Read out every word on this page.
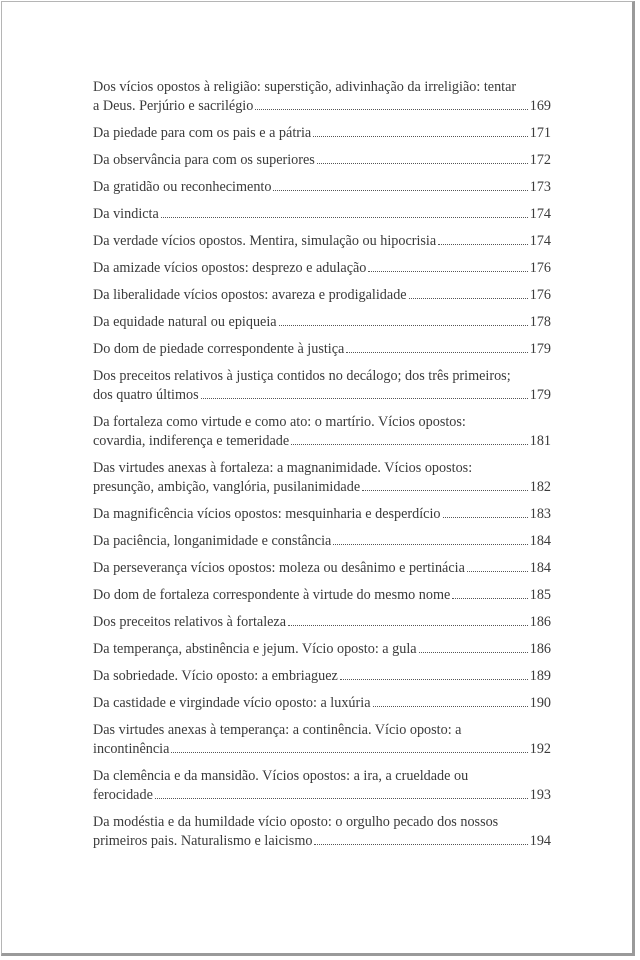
Dos vícios opostos à religião: superstição, adivinhação da irreligião: tentar
a Deus. Perjúrio e sacrilégio	169
Da piedade para com os pais e a pátria	171
Da observância para com os superiores	172
Da gratidão ou reconhecimento	173
Da vindicta	174
Da verdade vícios opostos. Mentira, simulação ou hipocrisia	174
Da amizade vícios opostos: desprezo e adulação	176
Da liberalidade vícios opostos: avareza e prodigalidade	176
Da equidade natural ou epiqueia	178
Do dom de piedade correspondente à justiça	179
Dos preceitos relativos à justiça contidos no decálogo; dos três primeiros;
dos quatro últimos	179
Da fortaleza como virtude e como ato: o martírio. Vícios opostos:
covardia, indiferença e temeridade	181
Das virtudes anexas à fortaleza: a magnanimidade. Vícios opostos:
presunção, ambição, vanglória, pusilanimidade	182
Da magnificência vícios opostos: mesquinharia e desperdício	183
Da paciência, longanimidade e constância	184
Da perseverança vícios opostos: moleza ou desânimo e pertinácia	184
Do dom de fortaleza correspondente à virtude do mesmo nome	185
Dos preceitos relativos à fortaleza	186
Da temperança, abstinência e jejum. Vício oposto: a gula	186
Da sobriedade. Vício oposto: a embriaguez	189
Da castidade e virgindade vício oposto: a luxúria	190
Das virtudes anexas à temperança: a continência. Vício oposto: a
incontinência	192
Da clemência e da mansidão. Vícios opostos: a ira, a crueldade ou
ferocidade	193
Da modéstia e da humildade vício oposto: o orgulho pecado dos nossos
primeiros pais. Naturalismo e laicismo	194
